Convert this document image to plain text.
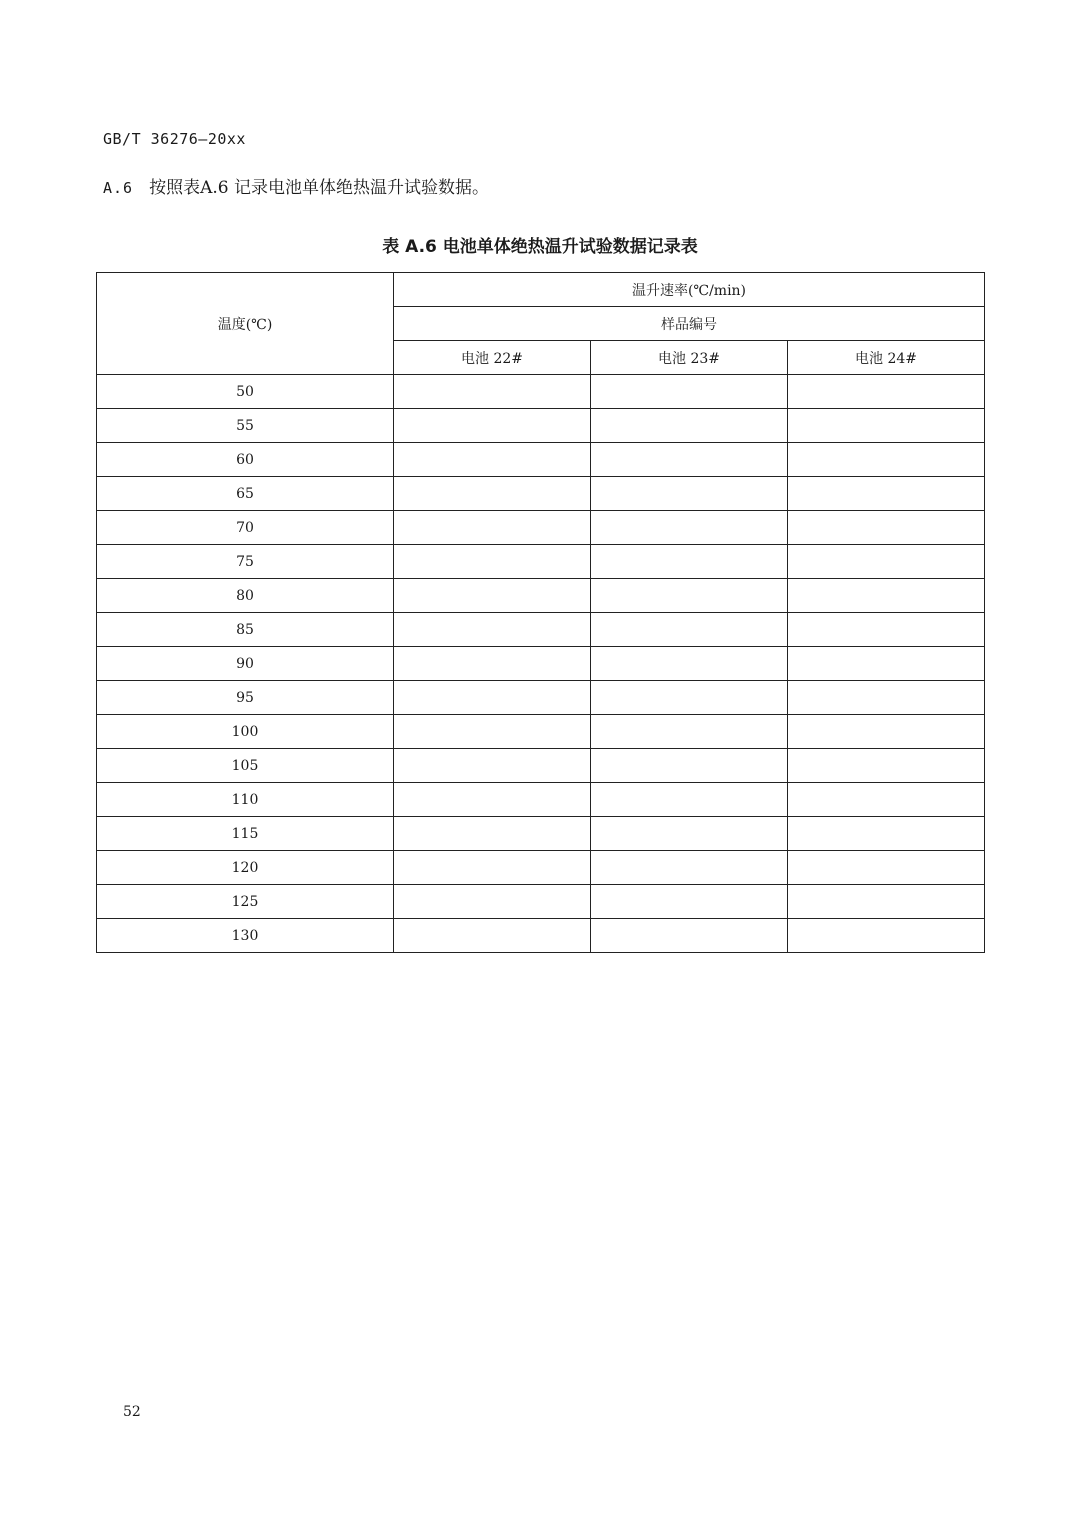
GB/T 36276—20xx
A.6 按照表A.6 记录电池单体绝热温升试验数据。
表 A.6 电池单体绝热温升试验数据记录表
温度(℃)	温升速率(℃/min)		
	样品编号		
	电池 22#	电池 23#	电池 24#
50			
55			
60			
65			
70			
75			
80			
85			
90			
95			
100			
105			
110			
115			
120			
125			
130			
52
